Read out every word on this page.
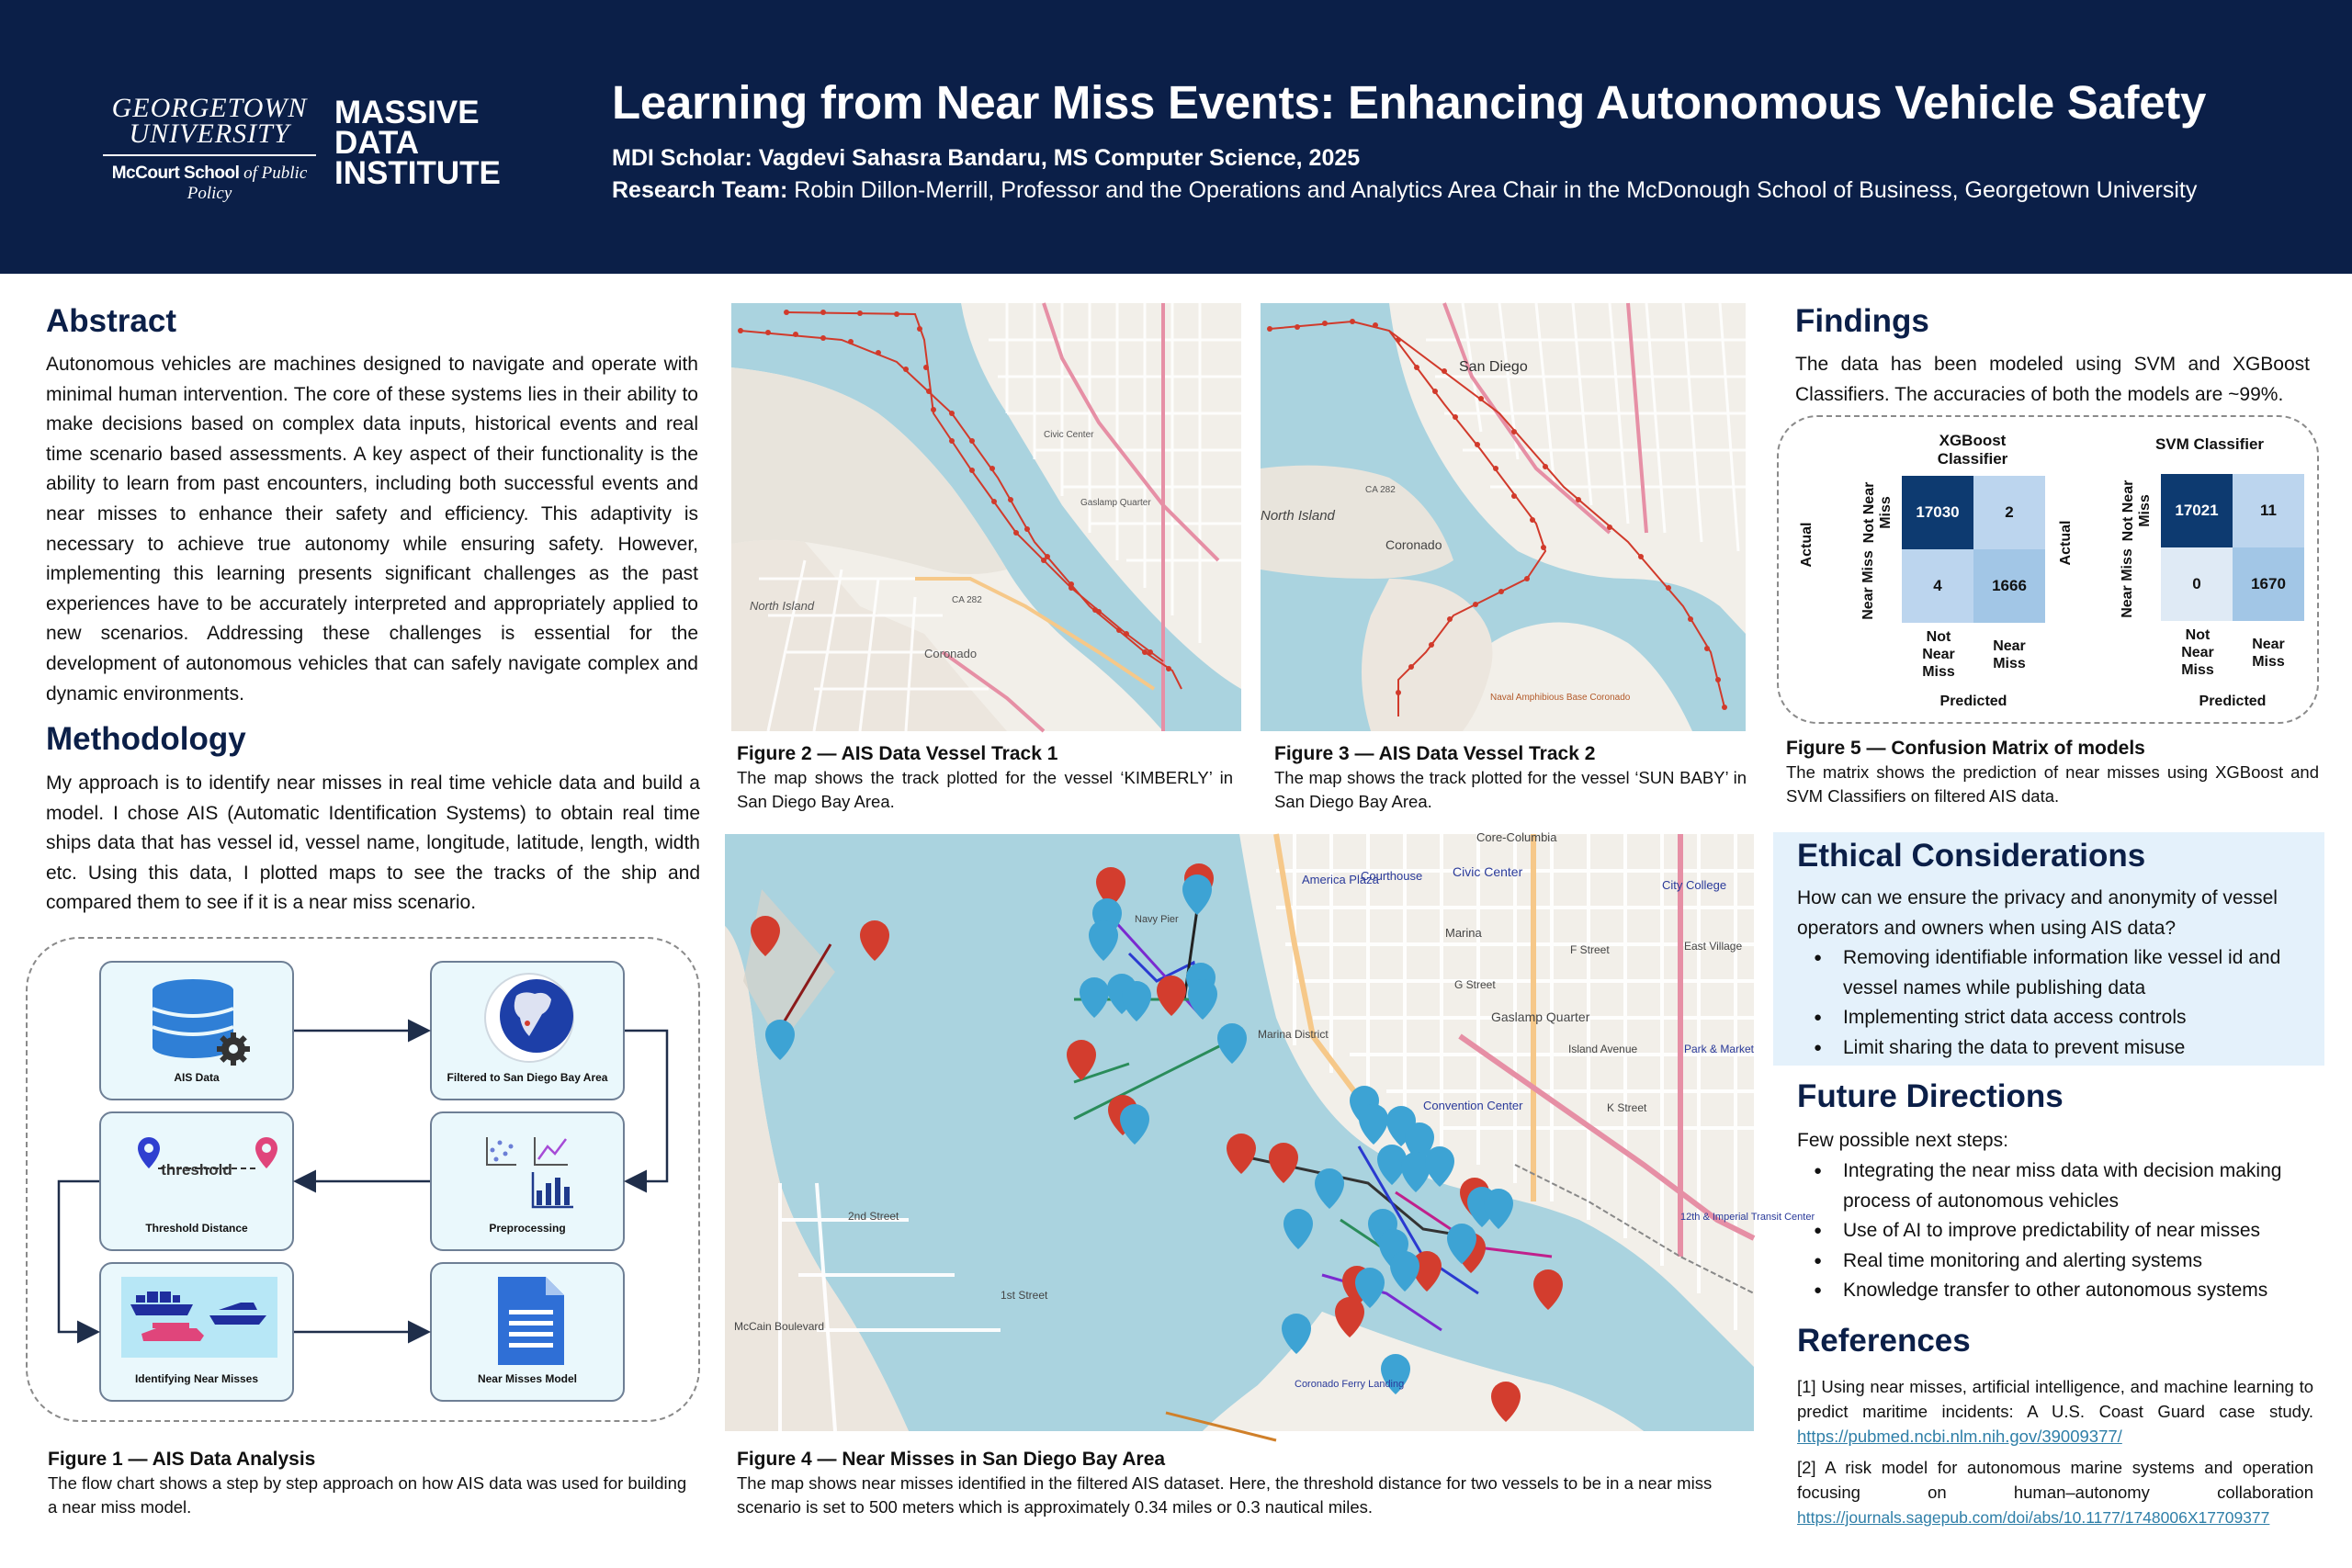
GEORGETOWN UNIVERSITY
McCourt School of Public Policy
MASSIVE
DATA
INSTITUTE
Learning from Near Miss Events: Enhancing Autonomous Vehicle Safety
MDI Scholar: Vagdevi Sahasra Bandaru, MS Computer Science, 2025
Research Team: Robin Dillon-Merrill, Professor and the Operations and Analytics Area Chair in the McDonough School of Business, Georgetown University
Abstract
Autonomous vehicles are machines designed to navigate and operate with minimal human intervention. The core of these systems lies in their ability to make decisions based on complex data inputs, historical events and real time scenario based assessments. A key aspect of their functionality is the ability to learn from past encounters, including both successful events and near misses to enhance their safety and efficiency. This adaptivity is necessary to achieve true autonomy while ensuring safety. However, implementing this learning presents significant challenges as the past experiences have to be accurately interpreted and appropriately applied to new scenarios. Addressing these challenges is essential for the development of autonomous vehicles that can safely navigate complex and dynamic environments.
Methodology
My approach is to identify near misses in real time vehicle data and build a model. I chose AIS (Automatic Identification Systems) to obtain real time ships data that has vessel id, vessel name, longitude, latitude, length, width etc. Using this data, I plotted maps to see the tracks of the ship and compared them to see if it is a near miss scenario.
AIS Data	Filtered to San Diego Bay Area
threshold
Threshold Distance	Preprocessing
Identifying Near Misses	Near Misses Model
Figure 1 — AIS Data Analysis
The flow chart shows a step by step approach on how AIS data was used for building a near miss model.
North Island
Coronado
CA 282
Civic Center
Gaslamp Quarter
Figure 2 — AIS Data Vessel Track 1
The map shows the track plotted for the vessel ‘KIMBERLY’ in San Diego Bay Area.
San Diego
North Island
Coronado
CA 282
Naval Amphibious Base Coronado
Figure 3 — AIS Data Vessel Track 2
The map shows the track plotted for the vessel ‘SUN BABY’ in San Diego Bay Area.
Core-Columbia
Civic Center
America Plaza
Courthouse
City College
Marina
Marina District
Gaslamp Quarter
Convention Center
Park & Market
East Village
G Street
F Street
Island Avenue
K Street
2nd Street
1st Street
McCain Boulevard
Coronado Ferry Landing
Navy Pier
12th & Imperial Transit Center
Figure 4 — Near Misses in San Diego Bay Area
The map shows near misses identified in the filtered AIS dataset. Here, the threshold distance for two vessels to be in a near miss scenario is set to 500 meters which is approximately 0.34 miles or 0.3 nautical miles.
Findings
The data has been modeled using SVM and XGBoost Classifiers. The accuracies of both the models are ~99%.
XGBoost
Classifier
17030	2
4	1666
Actual
Not Near Miss
Near Miss
Not
Near
Miss
Near
Miss
Predicted
SVM Classifier
17021	11
0	1670
Actual
Not Near Miss
Near Miss
Not
Near
Miss
Near
Miss
Predicted
Figure 5 — Confusion Matrix of models
The matrix shows the prediction of near misses using XGBoost and SVM Classifiers on filtered AIS data.
Ethical Considerations
How can we ensure the privacy and anonymity of vessel operators and owners when using AIS data?
● Removing identifiable information like vessel id and vessel names while publishing data
● Implementing strict data access controls
● Limit sharing the data to prevent misuse
Future Directions
Few possible next steps:
● Integrating the near miss data with decision making process of autonomous vehicles
● Use of AI to improve predictability of near misses
● Real time monitoring and alerting systems
● Knowledge transfer to other autonomous systems
References
[1] Using near misses, artificial intelligence, and machine learning to predict maritime incidents: A U.S. Coast Guard case study. https://pubmed.ncbi.nlm.nih.gov/39009377/
[2] A risk model for autonomous marine systems and operation focusing on human–autonomy collaboration https://journals.sagepub.com/doi/abs/10.1177/1748006X17709377
